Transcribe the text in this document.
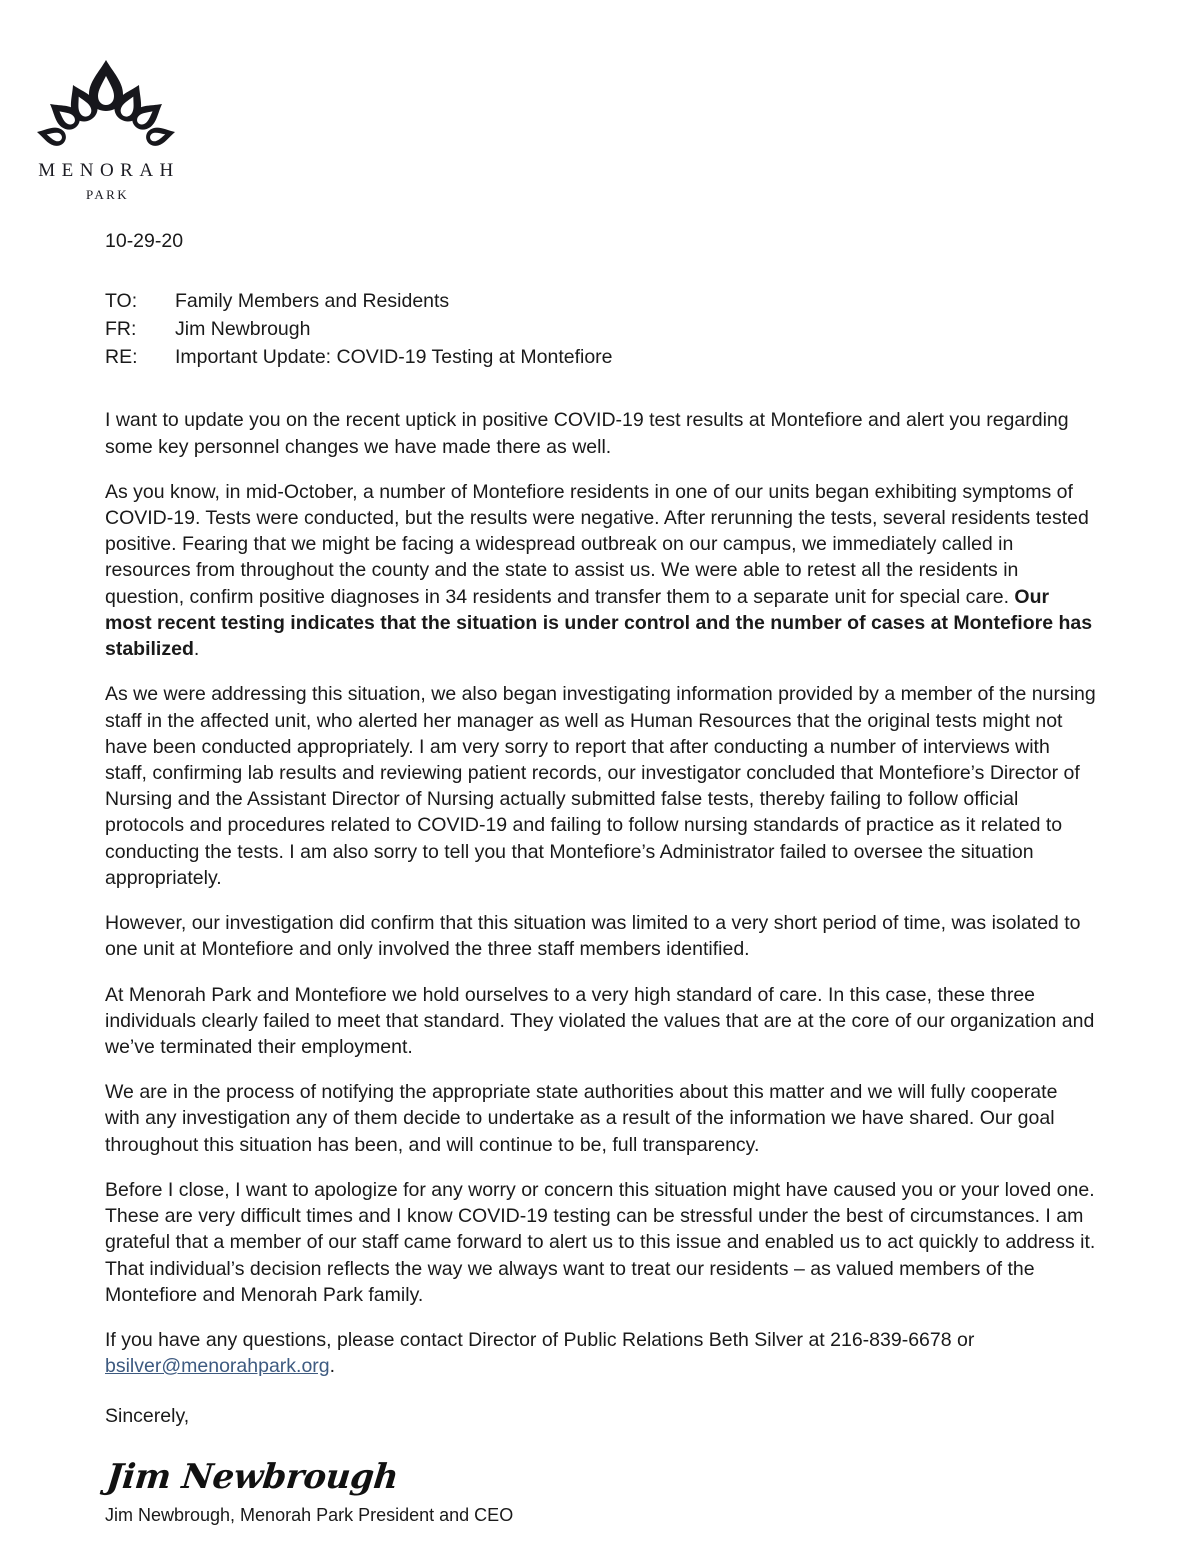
MENORAH
PARK
10-29-20
TO:	Family Members and Residents
FR:	Jim Newbrough
RE:	Important Update: COVID-19 Testing at Montefiore

I want to update you on the recent uptick in positive COVID-19 test results at Montefiore and alert you regarding some key personnel changes we have made there as well.

As you know, in mid-October, a number of Montefiore residents in one of our units began exhibiting symptoms of COVID-19. Tests were conducted, but the results were negative. After rerunning the tests, several residents tested positive. Fearing that we might be facing a widespread outbreak on our campus, we immediately called in resources from throughout the county and the state to assist us. We were able to retest all the residents in question, confirm positive diagnoses in 34 residents and transfer them to a separate unit for special care. Our most recent testing indicates that the situation is under control and the number of cases at Montefiore has stabilized.

As we were addressing this situation, we also began investigating information provided by a member of the nursing staff in the affected unit, who alerted her manager as well as Human Resources that the original tests might not have been conducted appropriately. I am very sorry to report that after conducting a number of interviews with staff, confirming lab results and reviewing patient records, our investigator concluded that Montefiore’s Director of Nursing and the Assistant Director of Nursing actually submitted false tests, thereby failing to follow official protocols and procedures related to COVID-19 and failing to follow nursing standards of practice as it related to conducting the tests. I am also sorry to tell you that Montefiore’s Administrator failed to oversee the situation appropriately.

However, our investigation did confirm that this situation was limited to a very short period of time, was isolated to one unit at Montefiore and only involved the three staff members identified.

At Menorah Park and Montefiore we hold ourselves to a very high standard of care. In this case, these three individuals clearly failed to meet that standard. They violated the values that are at the core of our organization and we’ve terminated their employment.

We are in the process of notifying the appropriate state authorities about this matter and we will fully cooperate with any investigation any of them decide to undertake as a result of the information we have shared. Our goal throughout this situation has been, and will continue to be, full transparency.

Before I close, I want to apologize for any worry or concern this situation might have caused you or your loved one. These are very difficult times and I know COVID-19 testing can be stressful under the best of circumstances. I am grateful that a member of our staff came forward to alert us to this issue and enabled us to act quickly to address it. That individual’s decision reflects the way we always want to treat our residents – as valued members of the Montefiore and Menorah Park family.

If you have any questions, please contact Director of Public Relations Beth Silver at 216-839-6678 or bsilver@menorahpark.org.

Sincerely,
Jim Newbrough
Jim Newbrough, Menorah Park President and CEO
